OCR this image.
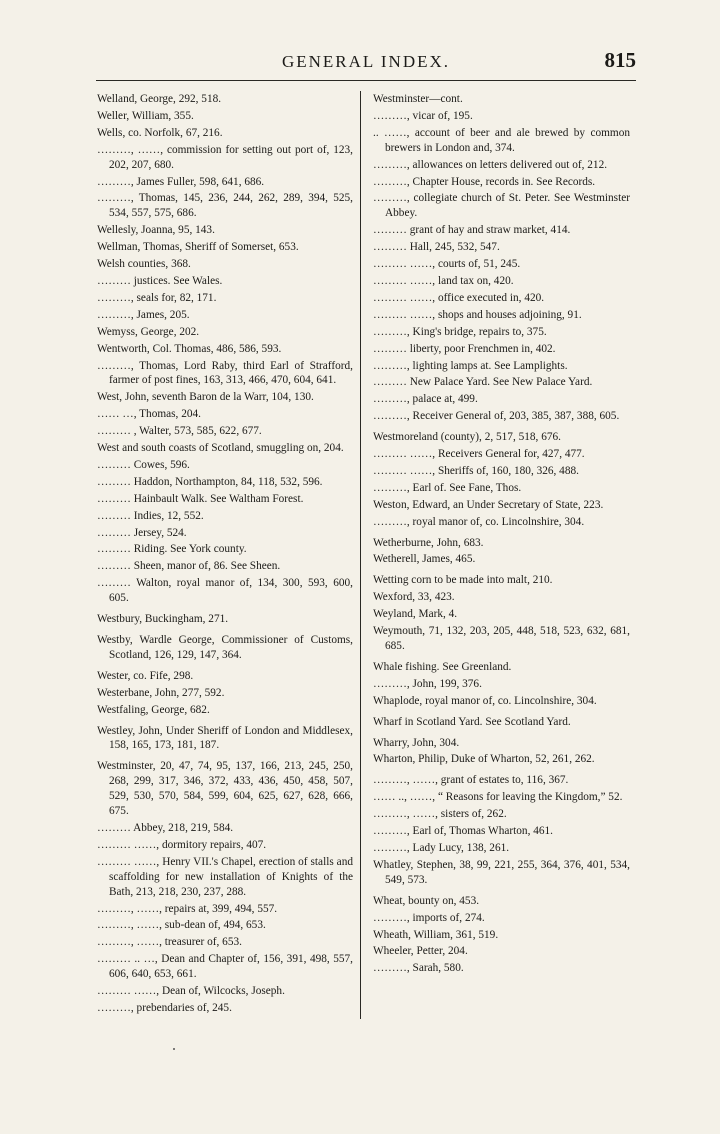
GENERAL INDEX.	815
Welland, George, 292, 518.
Weller, William, 355.
Wells, co. Norfolk, 67, 216.
………, ……, commission for setting out port of, 123, 202, 207, 680.
………, James Fuller, 598, 641, 686.
………, Thomas, 145, 236, 244, 262, 289, 394, 525, 534, 557, 575, 686.
Wellesly, Joanna, 95, 143.
Wellman, Thomas, Sheriff of Somerset, 653.
Welsh counties, 368.
……… justices. See Wales.
………, seals for, 82, 171.
………, James, 205.
Wemyss, George, 202.
Wentworth, Col. Thomas, 486, 586, 593.
………, Thomas, Lord Raby, third Earl of Strafford, farmer of post fines, 163, 313, 466, 470, 604, 641.
West, John, seventh Baron de la Warr, 104, 130.
…… …, Thomas, 204.
……… , Walter, 573, 585, 622, 677.
West and south coasts of Scotland, smuggling on, 204.
……… Cowes, 596.
……… Haddon, Northampton, 84, 118, 532, 596.
……… Hainbault Walk. See Waltham Forest.
……… Indies, 12, 552.
……… Jersey, 524.
……… Riding. See York county.
……… Sheen, manor of, 86. See Sheen.
……… Walton, royal manor of, 134, 300, 593, 600, 605.
Westbury, Buckingham, 271.
Westby, Wardle George, Commissioner of Customs, Scotland, 126, 129, 147, 364.
Wester, co. Fife, 298.
Westerbane, John, 277, 592.
Westfaling, George, 682.
Westley, John, Under Sheriff of London and Middlesex, 158, 165, 173, 181, 187.
Westminster, 20, 47, 74, 95, 137, 166, 213, 245, 250, 268, 299, 317, 346, 372, 433, 436, 450, 458, 507, 529, 530, 570, 584, 599, 604, 625, 627, 628, 666, 675.
……… Abbey, 218, 219, 584.
……… ……, dormitory repairs, 407.
……… ……, Henry VII.'s Chapel, erection of stalls and scaffolding for new installation of Knights of the Bath, 213, 218, 230, 237, 288.
………, ……, repairs at, 399, 494, 557.
………, ……, sub-dean of, 494, 653.
………, ……, treasurer of, 653.
……… .. …, Dean and Chapter of, 156, 391, 498, 557, 606, 640, 653, 661.
……… ……, Dean of, Wilcocks, Joseph.
………, prebendaries of, 245.
Westminster—cont.
………, vicar of, 195.
.. ……, account of beer and ale brewed by common brewers in London and, 374.
………, allowances on letters delivered out of, 212.
………, Chapter House, records in. See Records.
………, collegiate church of St. Peter. See Westminster Abbey.
……… grant of hay and straw market, 414.
……… Hall, 245, 532, 547.
……… ……, courts of, 51, 245.
……… ……, land tax on, 420.
……… ……, office executed in, 420.
……… ……, shops and houses adjoining, 91.
………, King's bridge, repairs to, 375.
……… liberty, poor Frenchmen in, 402.
………, lighting lamps at. See Lamplights.
……… New Palace Yard. See New Palace Yard.
………, palace at, 499.
………, Receiver General of, 203, 385, 387, 388, 605.
Westmoreland (county), 2, 517, 518, 676.
……… ……, Receivers General for, 427, 477.
……… ……, Sheriffs of, 160, 180, 326, 488.
………, Earl of. See Fane, Thos.
Weston, Edward, an Under Secretary of State, 223.
………, royal manor of, co. Lincolnshire, 304.
Wetherburne, John, 683.
Wetherell, James, 465.
Wetting corn to be made into malt, 210.
Wexford, 33, 423.
Weyland, Mark, 4.
Weymouth, 71, 132, 203, 205, 448, 518, 523, 632, 681, 685.
Whale fishing. See Greenland.
………, John, 199, 376.
Whaplode, royal manor of, co. Lincolnshire, 304.
Wharf in Scotland Yard. See Scotland Yard.
Wharry, John, 304.
Wharton, Philip, Duke of Wharton, 52, 261, 262.
………, ……, grant of estates to, 116, 367.
…… .., ……, “ Reasons for leaving the Kingdom,” 52.
………, ……, sisters of, 262.
………, Earl of, Thomas Wharton, 461.
………, Lady Lucy, 138, 261.
Whatley, Stephen, 38, 99, 221, 255, 364, 376, 401, 534, 549, 573.
Wheat, bounty on, 453.
………, imports of, 274.
Wheath, William, 361, 519.
Wheeler, Petter, 204.
………, Sarah, 580.
